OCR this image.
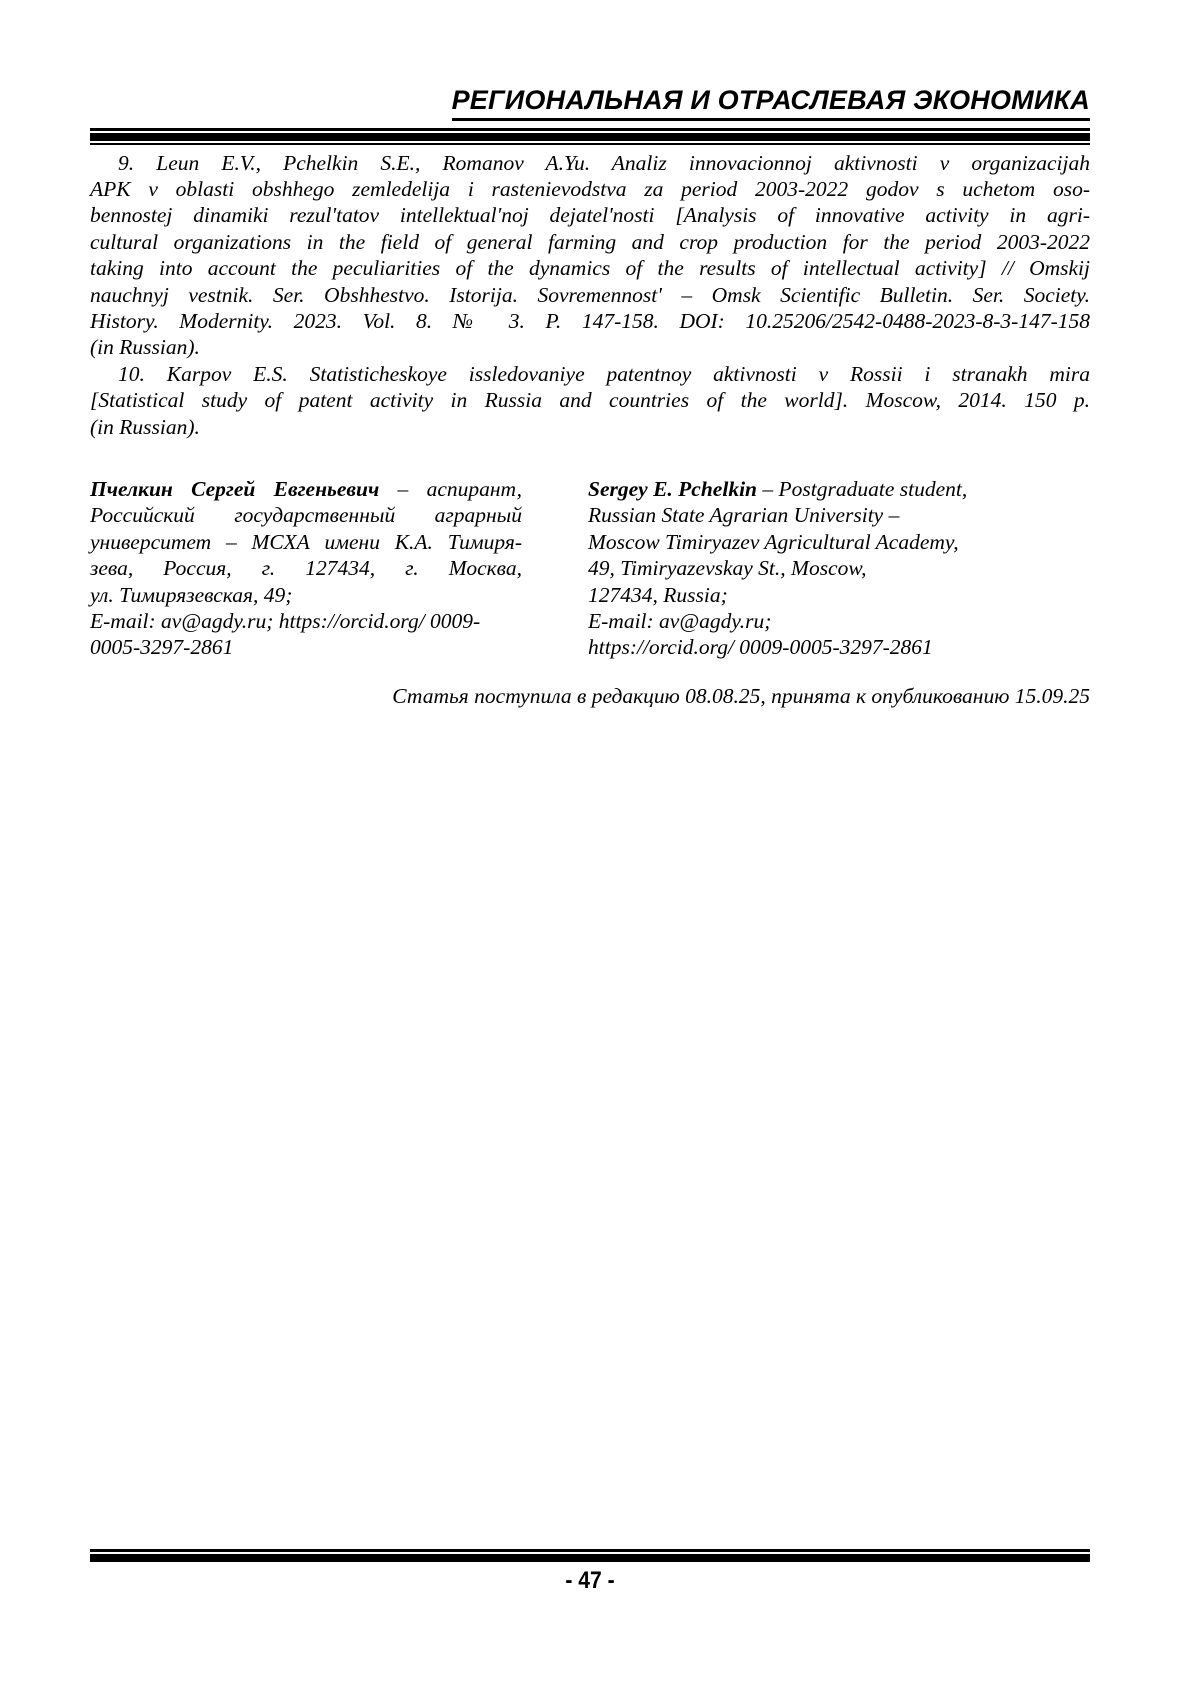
РЕГИОНАЛЬНАЯ И ОТРАСЛЕВАЯ ЭКОНОМИКА
9. Leun E.V., Pchelkin S.E., Romanov A.Yu. Analiz innovacionnoj aktivnosti v organizacijah
APK v oblasti obshhego zemledelija i rastenievodstva za period 2003-2022 godov s uchetom oso-
bennostej dinamiki rezul'tatov intellektual'noj dejatel'nosti [Analysis of innovative activity in agri-
cultural organizations in the field of general farming and crop production for the period 2003-2022
taking into account the peculiarities of the dynamics of the results of intellectual activity] // Omskij
nauchnyj vestnik. Ser. Obshhestvo. Istorija. Sovremennost' – Omsk Scientific Bulletin. Ser. Society.
History. Modernity. 2023. Vol. 8. № 3. P. 147-158. DOI: 10.25206/2542-0488-2023-8-3-147-158
(in Russian).
10. Karpov E.S. Statisticheskoye issledovaniye patentnoy aktivnosti v Rossii i stranakh mira
[Statistical study of patent activity in Russia and countries of the world]. Moscow, 2014. 150 p.
(in Russian).
Пчелкин Сергей Евгеньевич – аспирант,
Российский государственный аграрный
университет – МСХА имени К.А. Тимиря-
зева, Россия, г. 127434, г. Москва,
ул. Тимирязевская, 49;
E-mail: av@agdy.ru; https://orcid.org/ 0009-
0005-3297-2861
Sergey E. Pchelkin – Postgraduate student,
Russian State Agrarian University –
Moscow Timiryazev Agricultural Academy,
49, Timiryazevskay St., Moscow,
127434, Russia;
E-mail: av@agdy.ru;
https://orcid.org/ 0009-0005-3297-2861
Статья поступила в редакцию 08.08.25, принята к опубликованию 15.09.25
- 47 -
